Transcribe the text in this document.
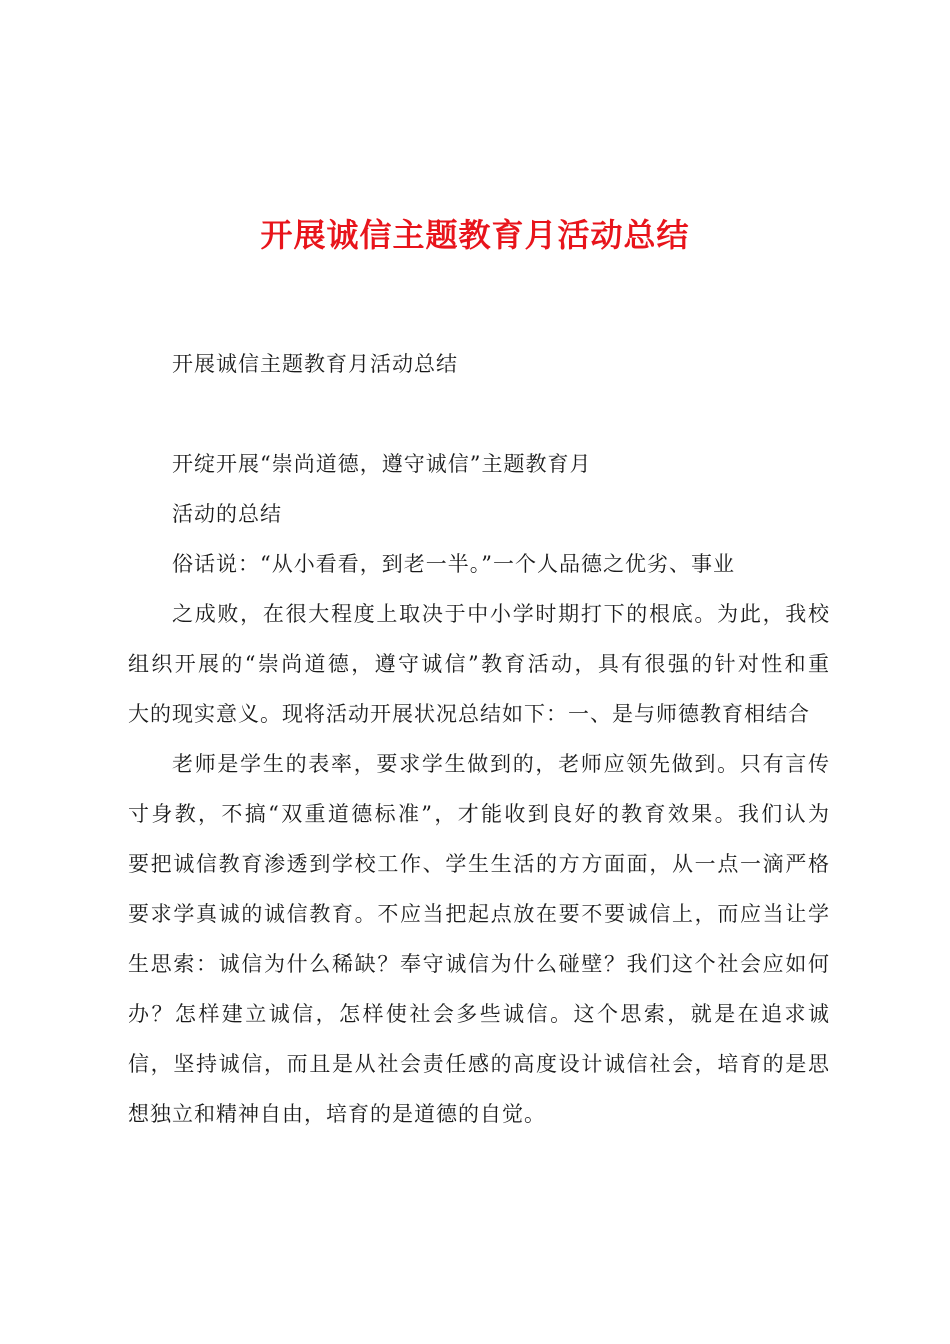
开展诚信主题教育月活动总结
开展诚信主题教育月活动总结
开绽开展“崇尚道德，遵守诚信”主题教育月
活动的总结
俗话说：“从小看看，到老一半。”一个人品德之优劣、事业
之成败，在很大程度上取决于中小学时期打下的根底。为此，我校
组织开展的“崇尚道德，遵守诚信”教育活动，具有很强的针对性和重
大的现实意义。现将活动开展状况总结如下：一、是与师德教育相结合
老师是学生的表率，要求学生做到的，老师应领先做到。只有言传
寸身教，不搞“双重道德标准”，才能收到良好的教育效果。我们认为
要把诚信教育渗透到学校工作、学生生活的方方面面，从一点一滴严格
要求学真诚的诚信教育。不应当把起点放在要不要诚信上，而应当让学
生思索：诚信为什么稀缺？奉守诚信为什么碰壁？我们这个社会应如何
办？怎样建立诚信，怎样使社会多些诚信。这个思索，就是在追求诚
信，坚持诚信，而且是从社会责任感的高度设计诚信社会，培育的是思
想独立和精神自由，培育的是道德的自觉。
